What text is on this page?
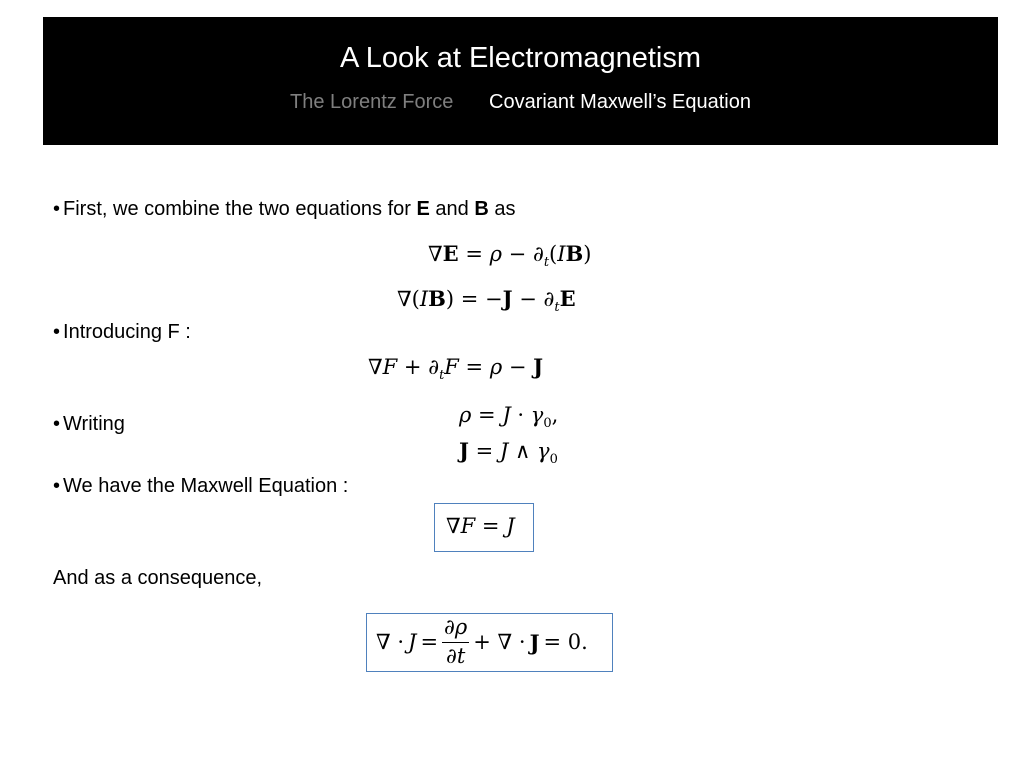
A Look at Electromagnetism
The Lorentz Force Covariant Maxwell’s Equation
• First, we combine the two equations for E and B as
$\nabla E = \rho - \partial_t(IB)$
$\nabla(IB) = -J - \partial_tE$
• Introducing F :
$\nabla F + \partial_tF = \rho - J$
• Writing	$\rho = J \cdot \gamma_0$,
J = J ∧ $\gamma_0$
• We have the Maxwell Equation :
∇F = J
And as a consequence,
∇ · $J = \frac{\partial\rho}{\partial t}$ + ∇ · J = 0.
